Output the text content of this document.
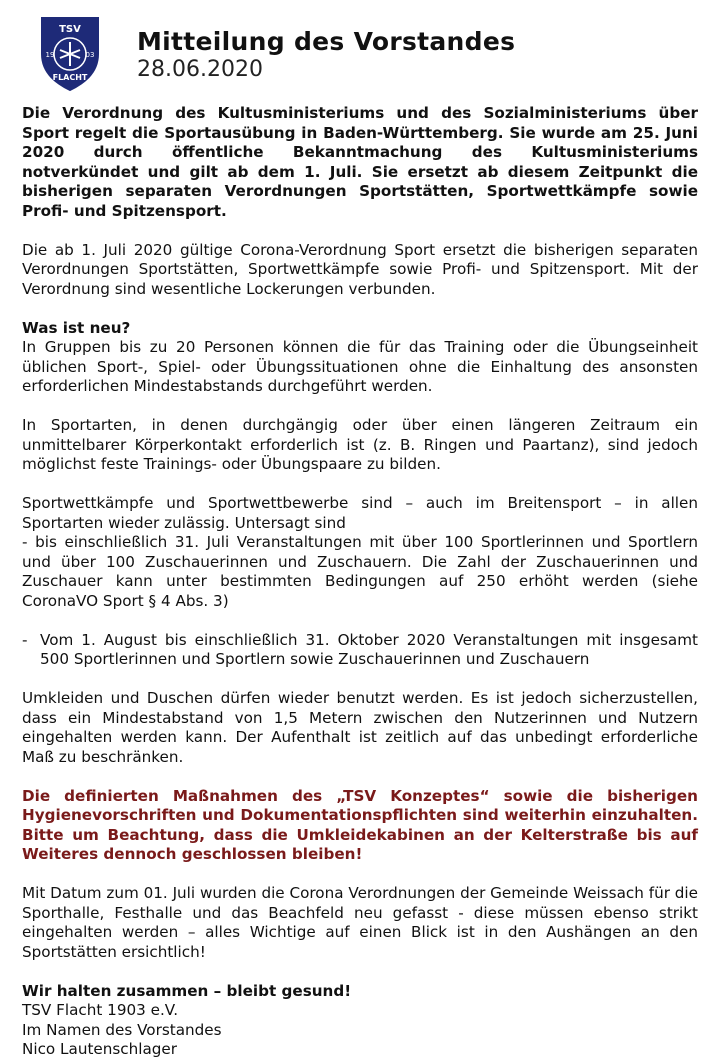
TSV
19	03
FLACHT
Mitteilung des Vorstandes
28.06.2020

Die Verordnung des Kultusministeriums und des Sozialministeriums über Sport regelt die Sportausübung in Baden-Württemberg. Sie wurde am 25. Juni 2020 durch öffentliche Bekanntmachung des Kultusministeriums notverkündet und gilt ab dem 1. Juli. Sie ersetzt ab diesem Zeitpunkt die bisherigen separaten Verordnungen Sportstätten, Sportwettkämpfe sowie Profi- und Spitzensport.

Die ab 1. Juli 2020 gültige Corona-Verordnung Sport ersetzt die bisherigen separaten Verordnungen Sportstätten, Sportwettkämpfe sowie Profi- und Spitzensport. Mit der Verordnung sind wesentliche Lockerungen verbunden.

Was ist neu?
In Gruppen bis zu 20 Personen können die für das Training oder die Übungseinheit üblichen Sport-, Spiel- oder Übungssituationen ohne die Einhaltung des ansonsten erforderlichen Mindestabstands durchgeführt werden.

In Sportarten, in denen durchgängig oder über einen längeren Zeitraum ein unmittelbarer Körperkontakt erforderlich ist (z. B. Ringen und Paartanz), sind jedoch möglichst feste Trainings- oder Übungspaare zu bilden.

Sportwettkämpfe und Sportwettbewerbe sind – auch im Breitensport – in allen
Sportarten wieder zulässig. Untersagt sind
- bis einschließlich 31. Juli Veranstaltungen mit über 100 Sportlerinnen und Sportlern und über 100 Zuschauerinnen und Zuschauern. Die Zahl der Zuschauerinnen und Zuschauer kann unter bestimmten Bedingungen auf 250 erhöht werden (siehe CoronaVO Sport § 4 Abs. 3)
- Vom 1. August bis einschließlich 31. Oktober 2020 Veranstaltungen mit insgesamt 500 Sportlerinnen und Sportlern sowie Zuschauerinnen und Zuschauern

Umkleiden und Duschen dürfen wieder benutzt werden. Es ist jedoch sicherzustellen, dass ein Mindestabstand von 1,5 Metern zwischen den Nutzerinnen und Nutzern eingehalten werden kann. Der Aufenthalt ist zeitlich auf das unbedingt erforderliche Maß zu beschränken.

Die definierten Maßnahmen des „TSV Konzeptes“ sowie die bisherigen Hygienevorschriften und Dokumentationspflichten sind weiterhin einzuhalten. Bitte um Beachtung, dass die Umkleidekabinen an der Kelterstraße bis auf Weiteres dennoch geschlossen bleiben!

Mit Datum zum 01. Juli wurden die Corona Verordnungen der Gemeinde Weissach für die Sporthalle, Festhalle und das Beachfeld neu gefasst - diese müssen ebenso strikt eingehalten werden – alles Wichtige auf einen Blick ist in den Aushängen an den Sportstätten ersichtlich!

Wir halten zusammen – bleibt gesund!
TSV Flacht 1903 e.V.
Im Namen des Vorstandes
Nico Lautenschlager
